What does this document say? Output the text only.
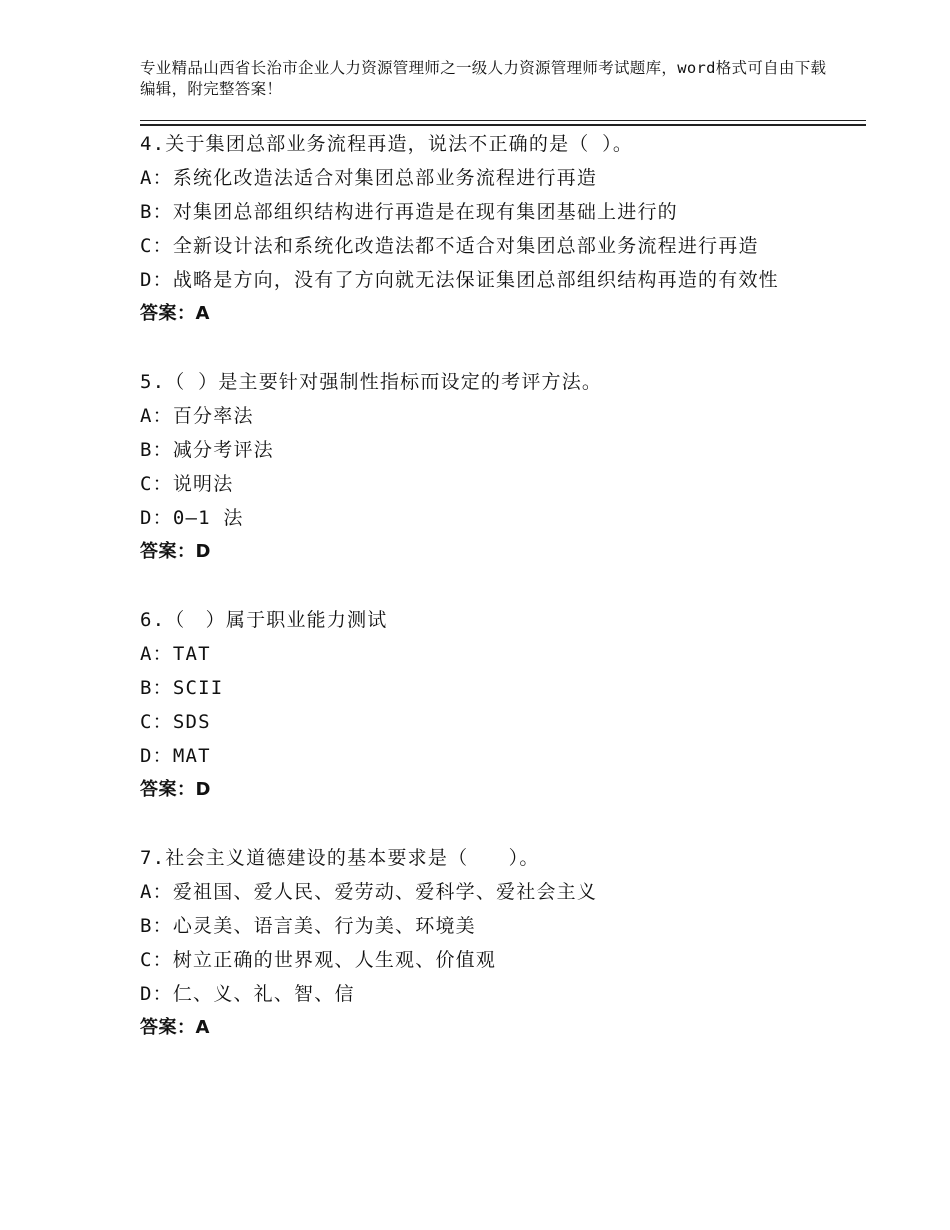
专业精品山西省长治市企业人力资源管理师之一级人力资源管理师考试题库，word格式可自由下载编辑，附完整答案！
4.关于集团总部业务流程再造，说法不正确的是（ ）。
A：系统化改造法适合对集团总部业务流程进行再造
B：对集团总部组织结构进行再造是在现有集团基础上进行的
C：全新设计法和系统化改造法都不适合对集团总部业务流程进行再造
D：战略是方向，没有了方向就无法保证集团总部组织结构再造的有效性
答案：A
5.（ ）是主要针对强制性指标而设定的考评方法。
A：百分率法
B：减分考评法
C：说明法
D：0—1 法
答案：D
6.（　）属于职业能力测试
A：TAT
B：SCII
C：SDS
D：MAT
答案：D
7.社会主义道德建设的基本要求是（　　）。
A：爱祖国、爱人民、爱劳动、爱科学、爱社会主义
B：心灵美、语言美、行为美、环境美
C：树立正确的世界观、人生观、价值观
D：仁、义、礼、智、信
答案：A
